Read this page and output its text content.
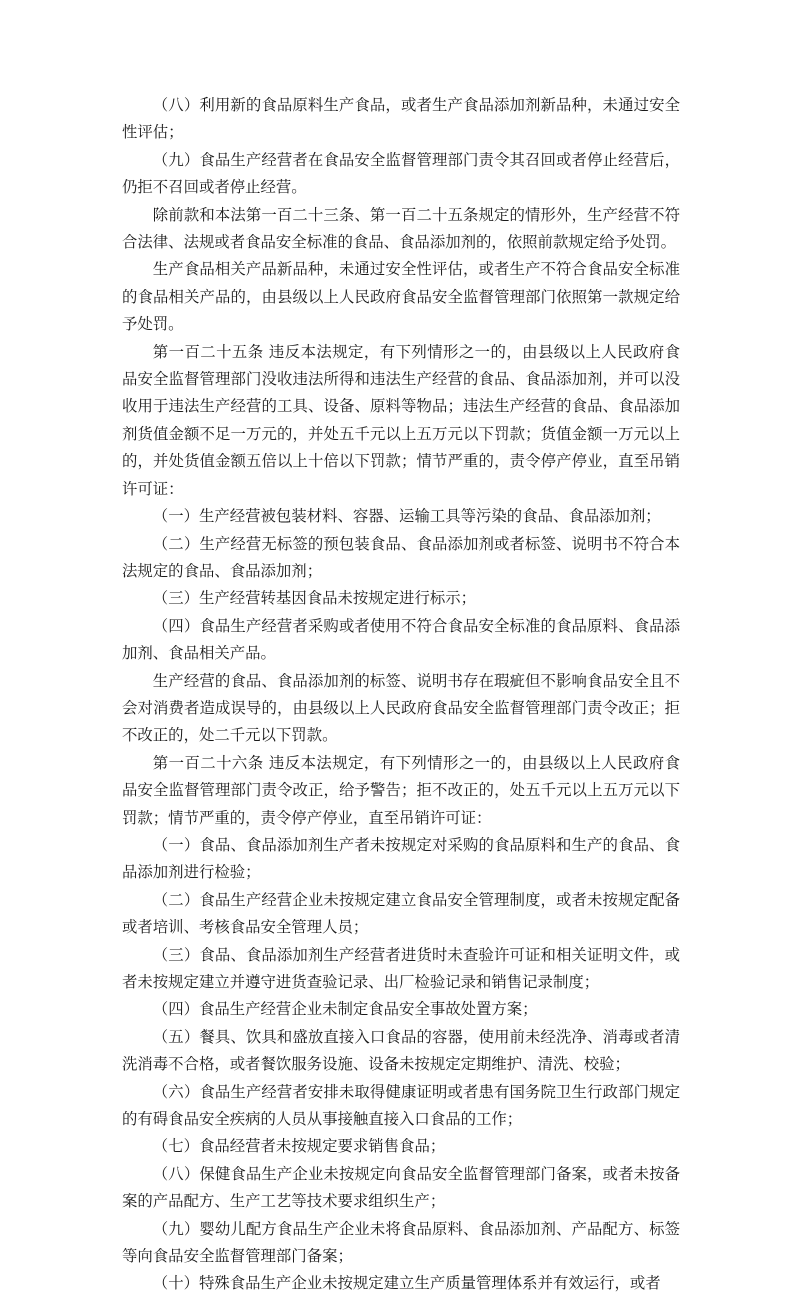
（八）利用新的食品原料生产食品，或者生产食品添加剂新品种，未通过安全性评估；

（九）食品生产经营者在食品安全监督管理部门责令其召回或者停止经营后，仍拒不召回或者停止经营。

除前款和本法第一百二十三条、第一百二十五条规定的情形外，生产经营不符合法律、法规或者食品安全标准的食品、食品添加剂的，依照前款规定给予处罚。

生产食品相关产品新品种，未通过安全性评估，或者生产不符合食品安全标准的食品相关产品的，由县级以上人民政府食品安全监督管理部门依照第一款规定给予处罚。

第一百二十五条 违反本法规定，有下列情形之一的，由县级以上人民政府食品安全监督管理部门没收违法所得和违法生产经营的食品、食品添加剂，并可以没收用于违法生产经营的工具、设备、原料等物品；违法生产经营的食品、食品添加剂货值金额不足一万元的，并处五千元以上五万元以下罚款；货值金额一万元以上的，并处货值金额五倍以上十倍以下罚款；情节严重的，责令停产停业，直至吊销许可证：

（一）生产经营被包装材料、容器、运输工具等污染的食品、食品添加剂；

（二）生产经营无标签的预包装食品、食品添加剂或者标签、说明书不符合本法规定的食品、食品添加剂；

（三）生产经营转基因食品未按规定进行标示；

（四）食品生产经营者采购或者使用不符合食品安全标准的食品原料、食品添加剂、食品相关产品。

生产经营的食品、食品添加剂的标签、说明书存在瑕疵但不影响食品安全且不会对消费者造成误导的，由县级以上人民政府食品安全监督管理部门责令改正；拒不改正的，处二千元以下罚款。

第一百二十六条 违反本法规定，有下列情形之一的，由县级以上人民政府食品安全监督管理部门责令改正，给予警告；拒不改正的，处五千元以上五万元以下罚款；情节严重的，责令停产停业，直至吊销许可证：

（一）食品、食品添加剂生产者未按规定对采购的食品原料和生产的食品、食品添加剂进行检验；

（二）食品生产经营企业未按规定建立食品安全管理制度，或者未按规定配备或者培训、考核食品安全管理人员；

（三）食品、食品添加剂生产经营者进货时未查验许可证和相关证明文件，或者未按规定建立并遵守进货查验记录、出厂检验记录和销售记录制度；

（四）食品生产经营企业未制定食品安全事故处置方案；

（五）餐具、饮具和盛放直接入口食品的容器，使用前未经洗净、消毒或者清洗消毒不合格，或者餐饮服务设施、设备未按规定定期维护、清洗、校验；

（六）食品生产经营者安排未取得健康证明或者患有国务院卫生行政部门规定的有碍食品安全疾病的人员从事接触直接入口食品的工作；

（七）食品经营者未按规定要求销售食品；

（八）保健食品生产企业未按规定向食品安全监督管理部门备案，或者未按备案的产品配方、生产工艺等技术要求组织生产；

（九）婴幼儿配方食品生产企业未将食品原料、食品添加剂、产品配方、标签等向食品安全监督管理部门备案；

（十）特殊食品生产企业未按规定建立生产质量管理体系并有效运行，或者
